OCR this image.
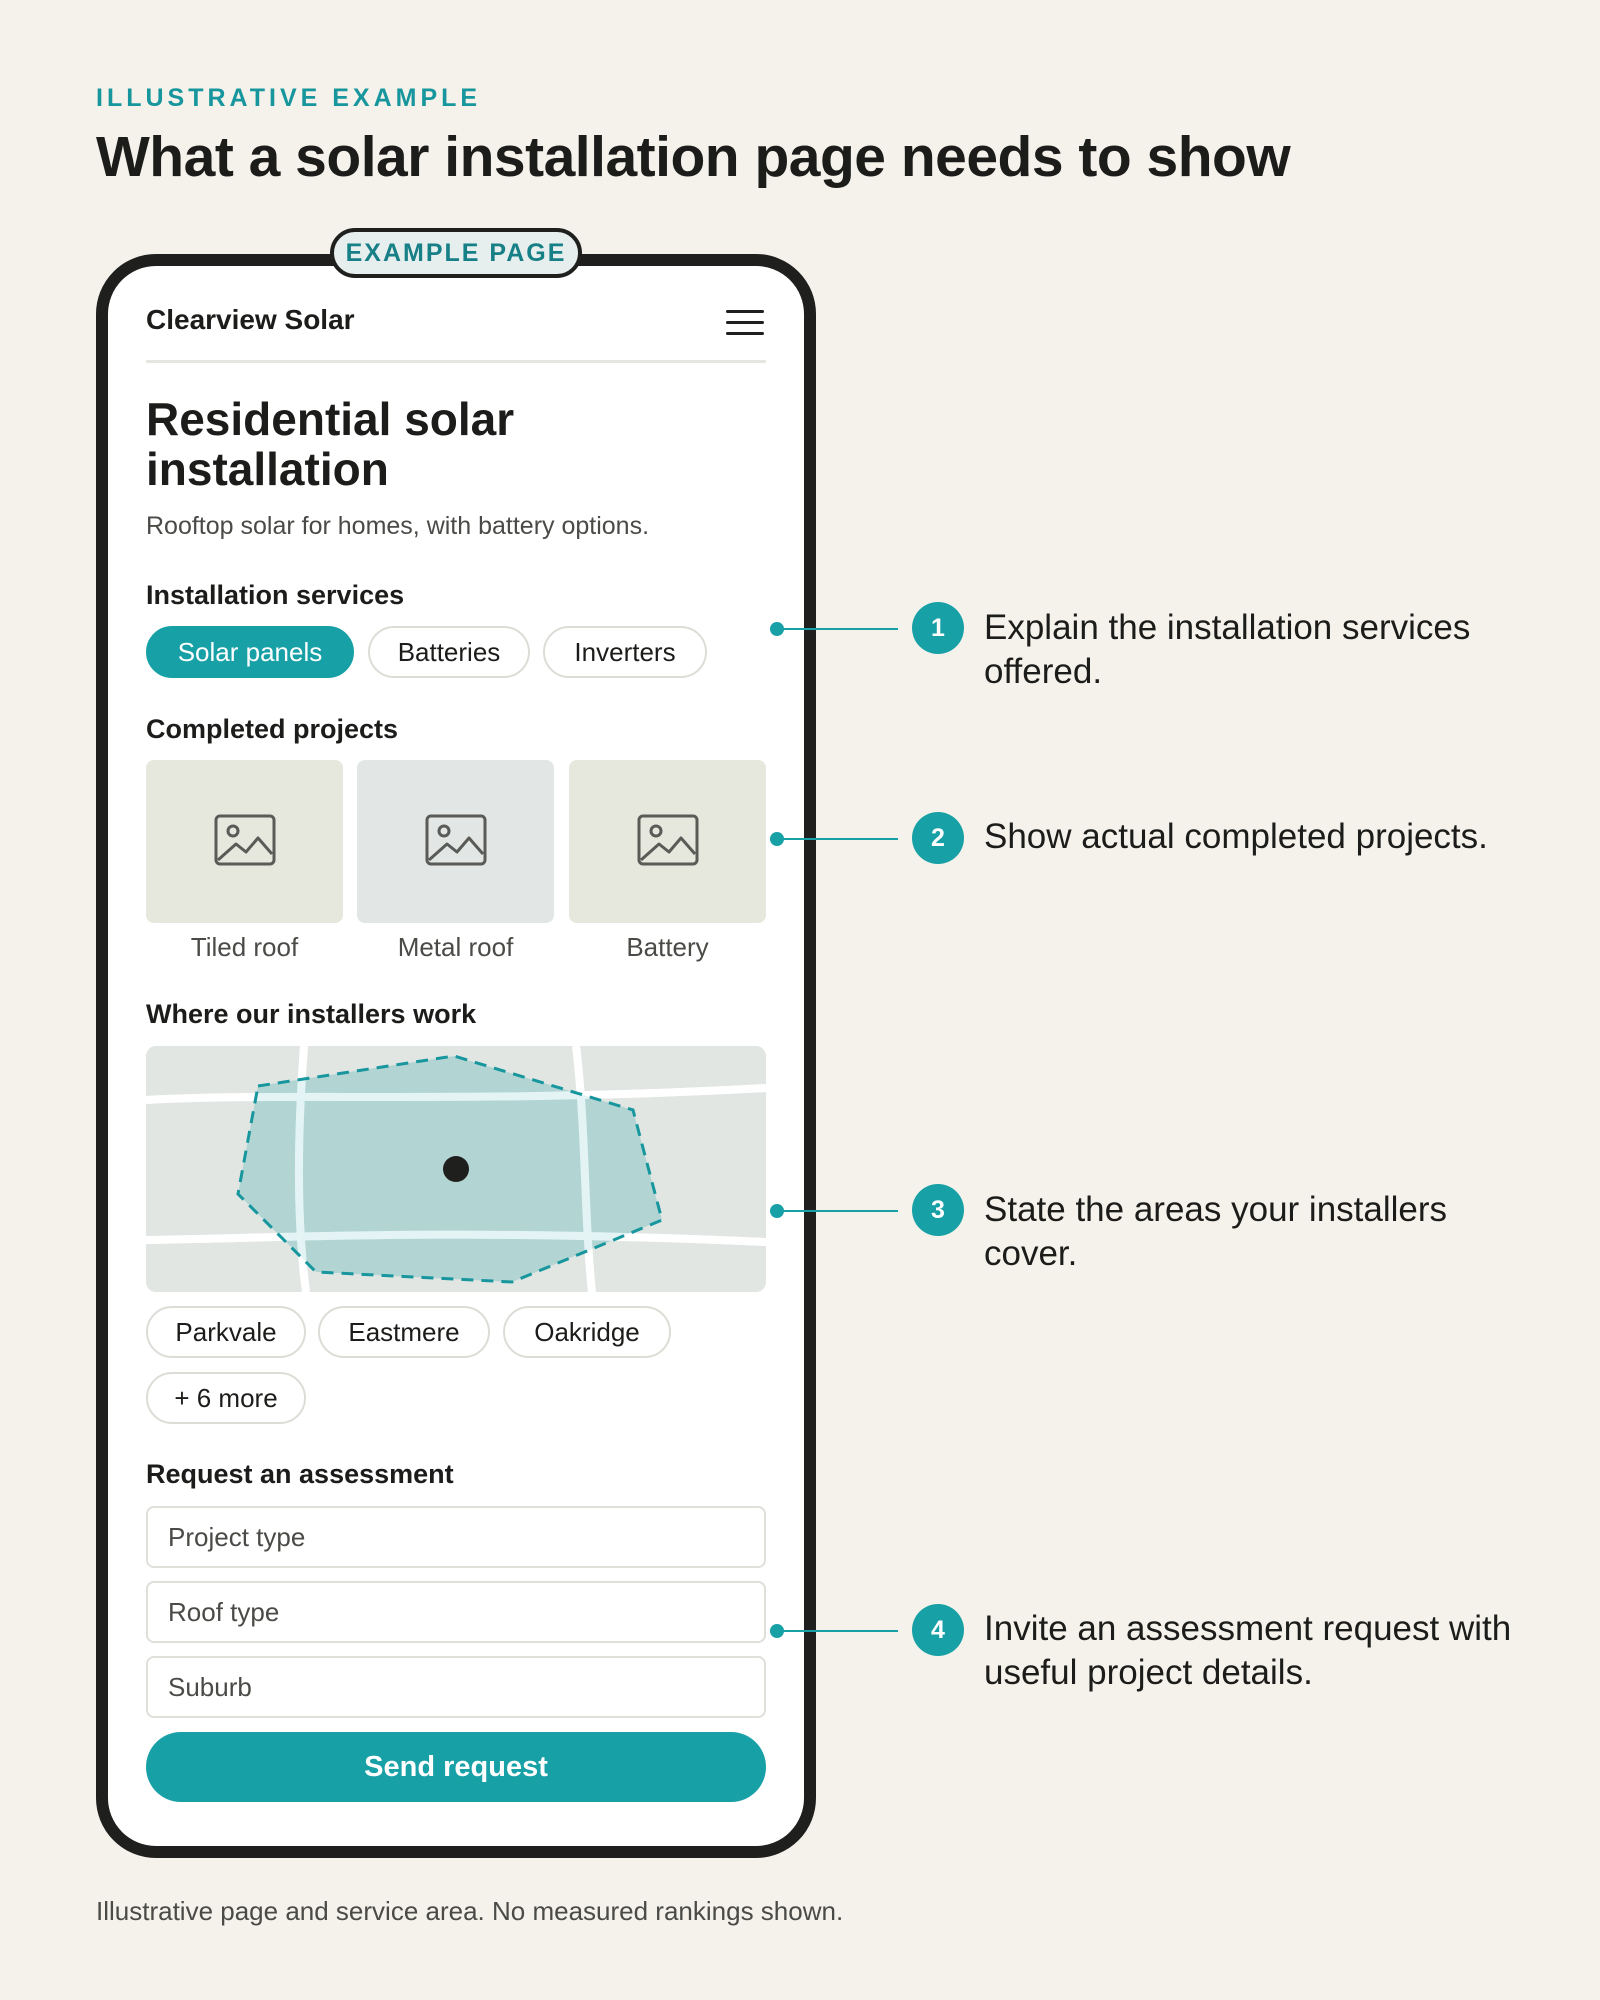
ILLUSTRATIVE EXAMPLE
What a solar installation page needs to show
EXAMPLE PAGE
Clearview Solar
Residential solar installation
Rooftop solar for homes, with battery options.
Installation services
Solar panels	Batteries	Inverters
Completed projects
Tiled roof	Metal roof	Battery
Where our installers work
Parkvale	Eastmere	Oakridge
+ 6 more
Request an assessment
Project type
Roof type
Suburb
Send request
1	Explain the installation services offered.
2	Show actual completed projects.
3	State the areas your installers cover.
4	Invite an assessment request with useful project details.
Illustrative page and service area. No measured rankings shown.
